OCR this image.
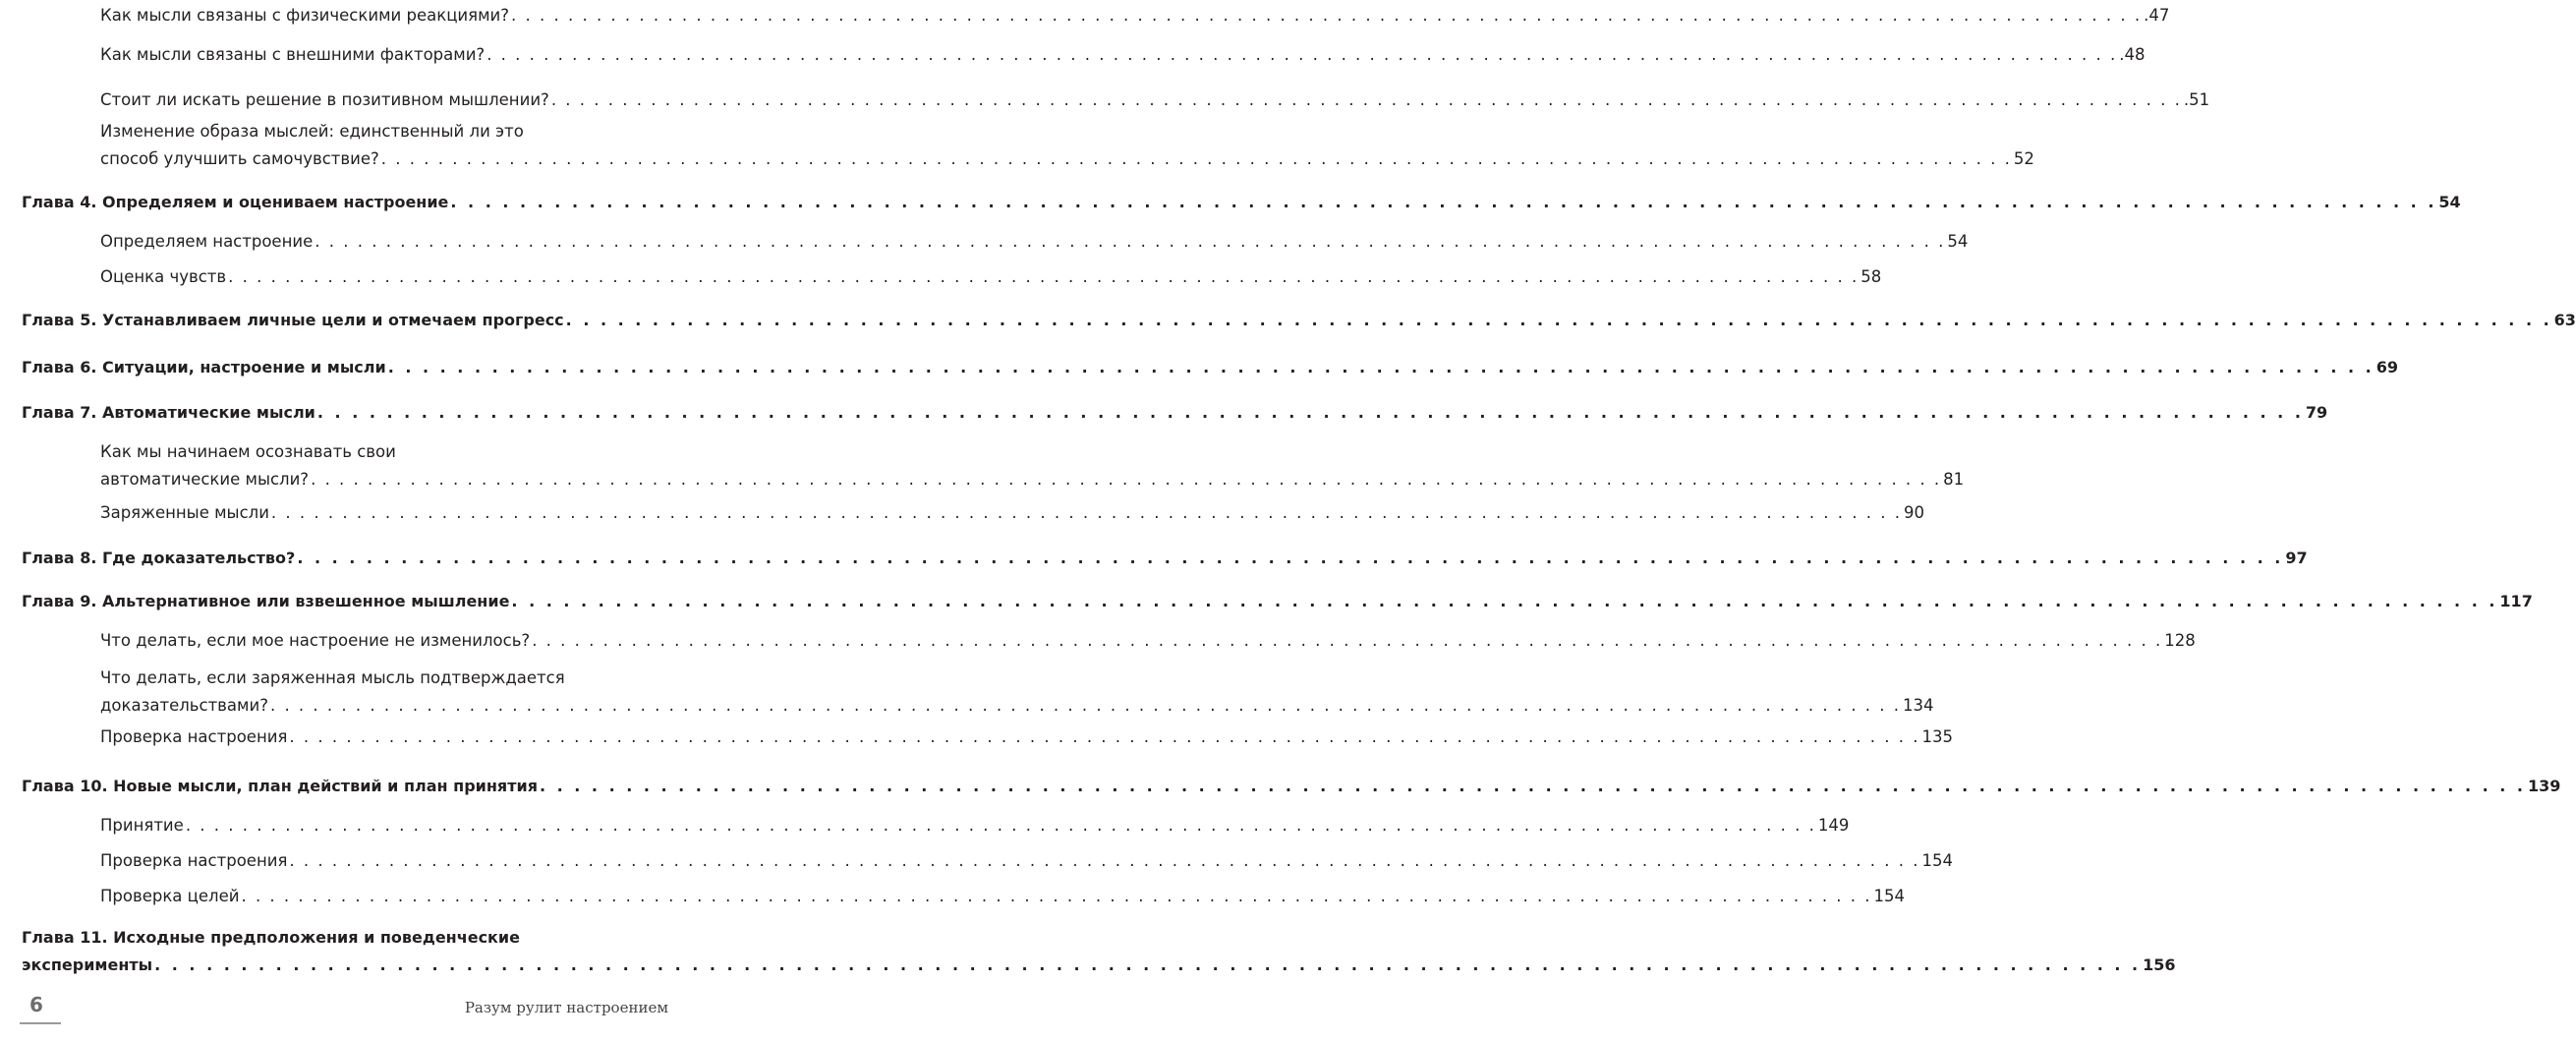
Как мысли связаны с физическими реакциями? . . . . . . . . . . . . . . . . . . . . . . . . . . . . . . . . . . . . . . . . . . . . . . . . . . . . . . . . . . . . . . . . . . . . . . . . . . . . . . . . . . . . . . . . . . . . . . . . . . . . . . . . . . . . . . . . . . . .47
Как мысли связаны с внешними факторами? . . . . . . . . . . . . . . . . . . . . . . . . . . . . . . . . . . . . . . . . . . . . . . . . . . . . . . . . . . . . . . . . . . . . . . . . . . . . . . . . . . . . . . . . . . . . . . . . . . . . . . . . . . . . . . . . . . . .48
Стоит ли искать решение в позитивном мышлении? . . . . . . . . . . . . . . . . . . . . . . . . . . . . . . . . . . . . . . . . . . . . . . . . . . . . . . . . . . . . . . . . . . . . . . . . . . . . . . . . . . . . . . . . . . . . . . . . . . . . . . . . . . . . . . . . . . . .51
Изменение образа мыслей: единственный ли это
способ улучшить самочувствие? . . . . . . . . . . . . . . . . . . . . . . . . . . . . . . . . . . . . . . . . . . . . . . . . . . . . . . . . . . . . . . . . . . . . . . . . . . . . . . . . . . . . . . . . . . . . . . . . . . . . . . . . . . . . . . . . . . . 52
Глава 4. Определяем и оцениваем настроение . . . . . . . . . . . . . . . . . . . . . . . . . . . . . . . . . . . . . . . . . . . . . . . . . . . . . . . . . . . . . . . . . . . . . . . . . . . . . . . . . . . . . . . . . . . . . . . . . . . . . . . . . . . . . . . . . . . 54
Определяем настроение . . . . . . . . . . . . . . . . . . . . . . . . . . . . . . . . . . . . . . . . . . . . . . . . . . . . . . . . . . . . . . . . . . . . . . . . . . . . . . . . . . . . . . . . . . . . . . . . . . . . . . . . . . . . . . . . . . . 54
Оценка чувств . . . . . . . . . . . . . . . . . . . . . . . . . . . . . . . . . . . . . . . . . . . . . . . . . . . . . . . . . . . . . . . . . . . . . . . . . . . . . . . . . . . . . . . . . . . . . . . . . . . . . . . . . . . . . . . . . . . 58
Глава 5. Устанавливаем личные цели и отмечаем прогресс . . . . . . . . . . . . . . . . . . . . . . . . . . . . . . . . . . . . . . . . . . . . . . . . . . . . . . . . . . . . . . . . . . . . . . . . . . . . . . . . . . . . . . . . . . . . . . . . . . . . . . . . . . . . . . . . . . . 63
Глава 6. Ситуации, настроение и мысли . . . . . . . . . . . . . . . . . . . . . . . . . . . . . . . . . . . . . . . . . . . . . . . . . . . . . . . . . . . . . . . . . . . . . . . . . . . . . . . . . . . . . . . . . . . . . . . . . . . . . . . . . . . . . . . . . . . 69
Глава 7. Автоматические мысли . . . . . . . . . . . . . . . . . . . . . . . . . . . . . . . . . . . . . . . . . . . . . . . . . . . . . . . . . . . . . . . . . . . . . . . . . . . . . . . . . . . . . . . . . . . . . . . . . . . . . . . . . . . . . . . . . . . 79
Как мы начинаем осознавать свои
автоматические мысли? . . . . . . . . . . . . . . . . . . . . . . . . . . . . . . . . . . . . . . . . . . . . . . . . . . . . . . . . . . . . . . . . . . . . . . . . . . . . . . . . . . . . . . . . . . . . . . . . . . . . . . . . . . . . . . . . . . . 81
Заряженные мысли . . . . . . . . . . . . . . . . . . . . . . . . . . . . . . . . . . . . . . . . . . . . . . . . . . . . . . . . . . . . . . . . . . . . . . . . . . . . . . . . . . . . . . . . . . . . . . . . . . . . . . . . . . . . . . . . . . . 90
Глава 8. Где доказательство? . . . . . . . . . . . . . . . . . . . . . . . . . . . . . . . . . . . . . . . . . . . . . . . . . . . . . . . . . . . . . . . . . . . . . . . . . . . . . . . . . . . . . . . . . . . . . . . . . . . . . . . . . . . . . . . . . . . 97
Глава 9. Альтернативное или взвешенное мышление . . . . . . . . . . . . . . . . . . . . . . . . . . . . . . . . . . . . . . . . . . . . . . . . . . . . . . . . . . . . . . . . . . . . . . . . . . . . . . . . . . . . . . . . . . . . . . . . . . . . . . . . . . . . . . . . . . . 117
Что делать, если мое настроение не изменилось? . . . . . . . . . . . . . . . . . . . . . . . . . . . . . . . . . . . . . . . . . . . . . . . . . . . . . . . . . . . . . . . . . . . . . . . . . . . . . . . . . . . . . . . . . . . . . . . . . . . . . . . . . . . . . . . . . . . 128
Что делать, если заряженная мысль подтверждается
доказательствами? . . . . . . . . . . . . . . . . . . . . . . . . . . . . . . . . . . . . . . . . . . . . . . . . . . . . . . . . . . . . . . . . . . . . . . . . . . . . . . . . . . . . . . . . . . . . . . . . . . . . . . . . . . . . . . . . . . . 134
Проверка настроения . . . . . . . . . . . . . . . . . . . . . . . . . . . . . . . . . . . . . . . . . . . . . . . . . . . . . . . . . . . . . . . . . . . . . . . . . . . . . . . . . . . . . . . . . . . . . . . . . . . . . . . . . . . . . . . . . . . 135
Глава 10. Новые мысли, план действий и план принятия . . . . . . . . . . . . . . . . . . . . . . . . . . . . . . . . . . . . . . . . . . . . . . . . . . . . . . . . . . . . . . . . . . . . . . . . . . . . . . . . . . . . . . . . . . . . . . . . . . . . . . . . . . . . . . . . . . . 139
Принятие . . . . . . . . . . . . . . . . . . . . . . . . . . . . . . . . . . . . . . . . . . . . . . . . . . . . . . . . . . . . . . . . . . . . . . . . . . . . . . . . . . . . . . . . . . . . . . . . . . . . . . . . . . . . . . . . . . . 149
Проверка настроения . . . . . . . . . . . . . . . . . . . . . . . . . . . . . . . . . . . . . . . . . . . . . . . . . . . . . . . . . . . . . . . . . . . . . . . . . . . . . . . . . . . . . . . . . . . . . . . . . . . . . . . . . . . . . . . . . . . 154
Проверка целей . . . . . . . . . . . . . . . . . . . . . . . . . . . . . . . . . . . . . . . . . . . . . . . . . . . . . . . . . . . . . . . . . . . . . . . . . . . . . . . . . . . . . . . . . . . . . . . . . . . . . . . . . . . . . . . . . . . 154
Глава 11. Исходные предположения и поведенческие
эксперименты . . . . . . . . . . . . . . . . . . . . . . . . . . . . . . . . . . . . . . . . . . . . . . . . . . . . . . . . . . . . . . . . . . . . . . . . . . . . . . . . . . . . . . . . . . . . . . . . . . . . . . . . . . . . . . . . . . . 156
6	Разум рулит настроением
